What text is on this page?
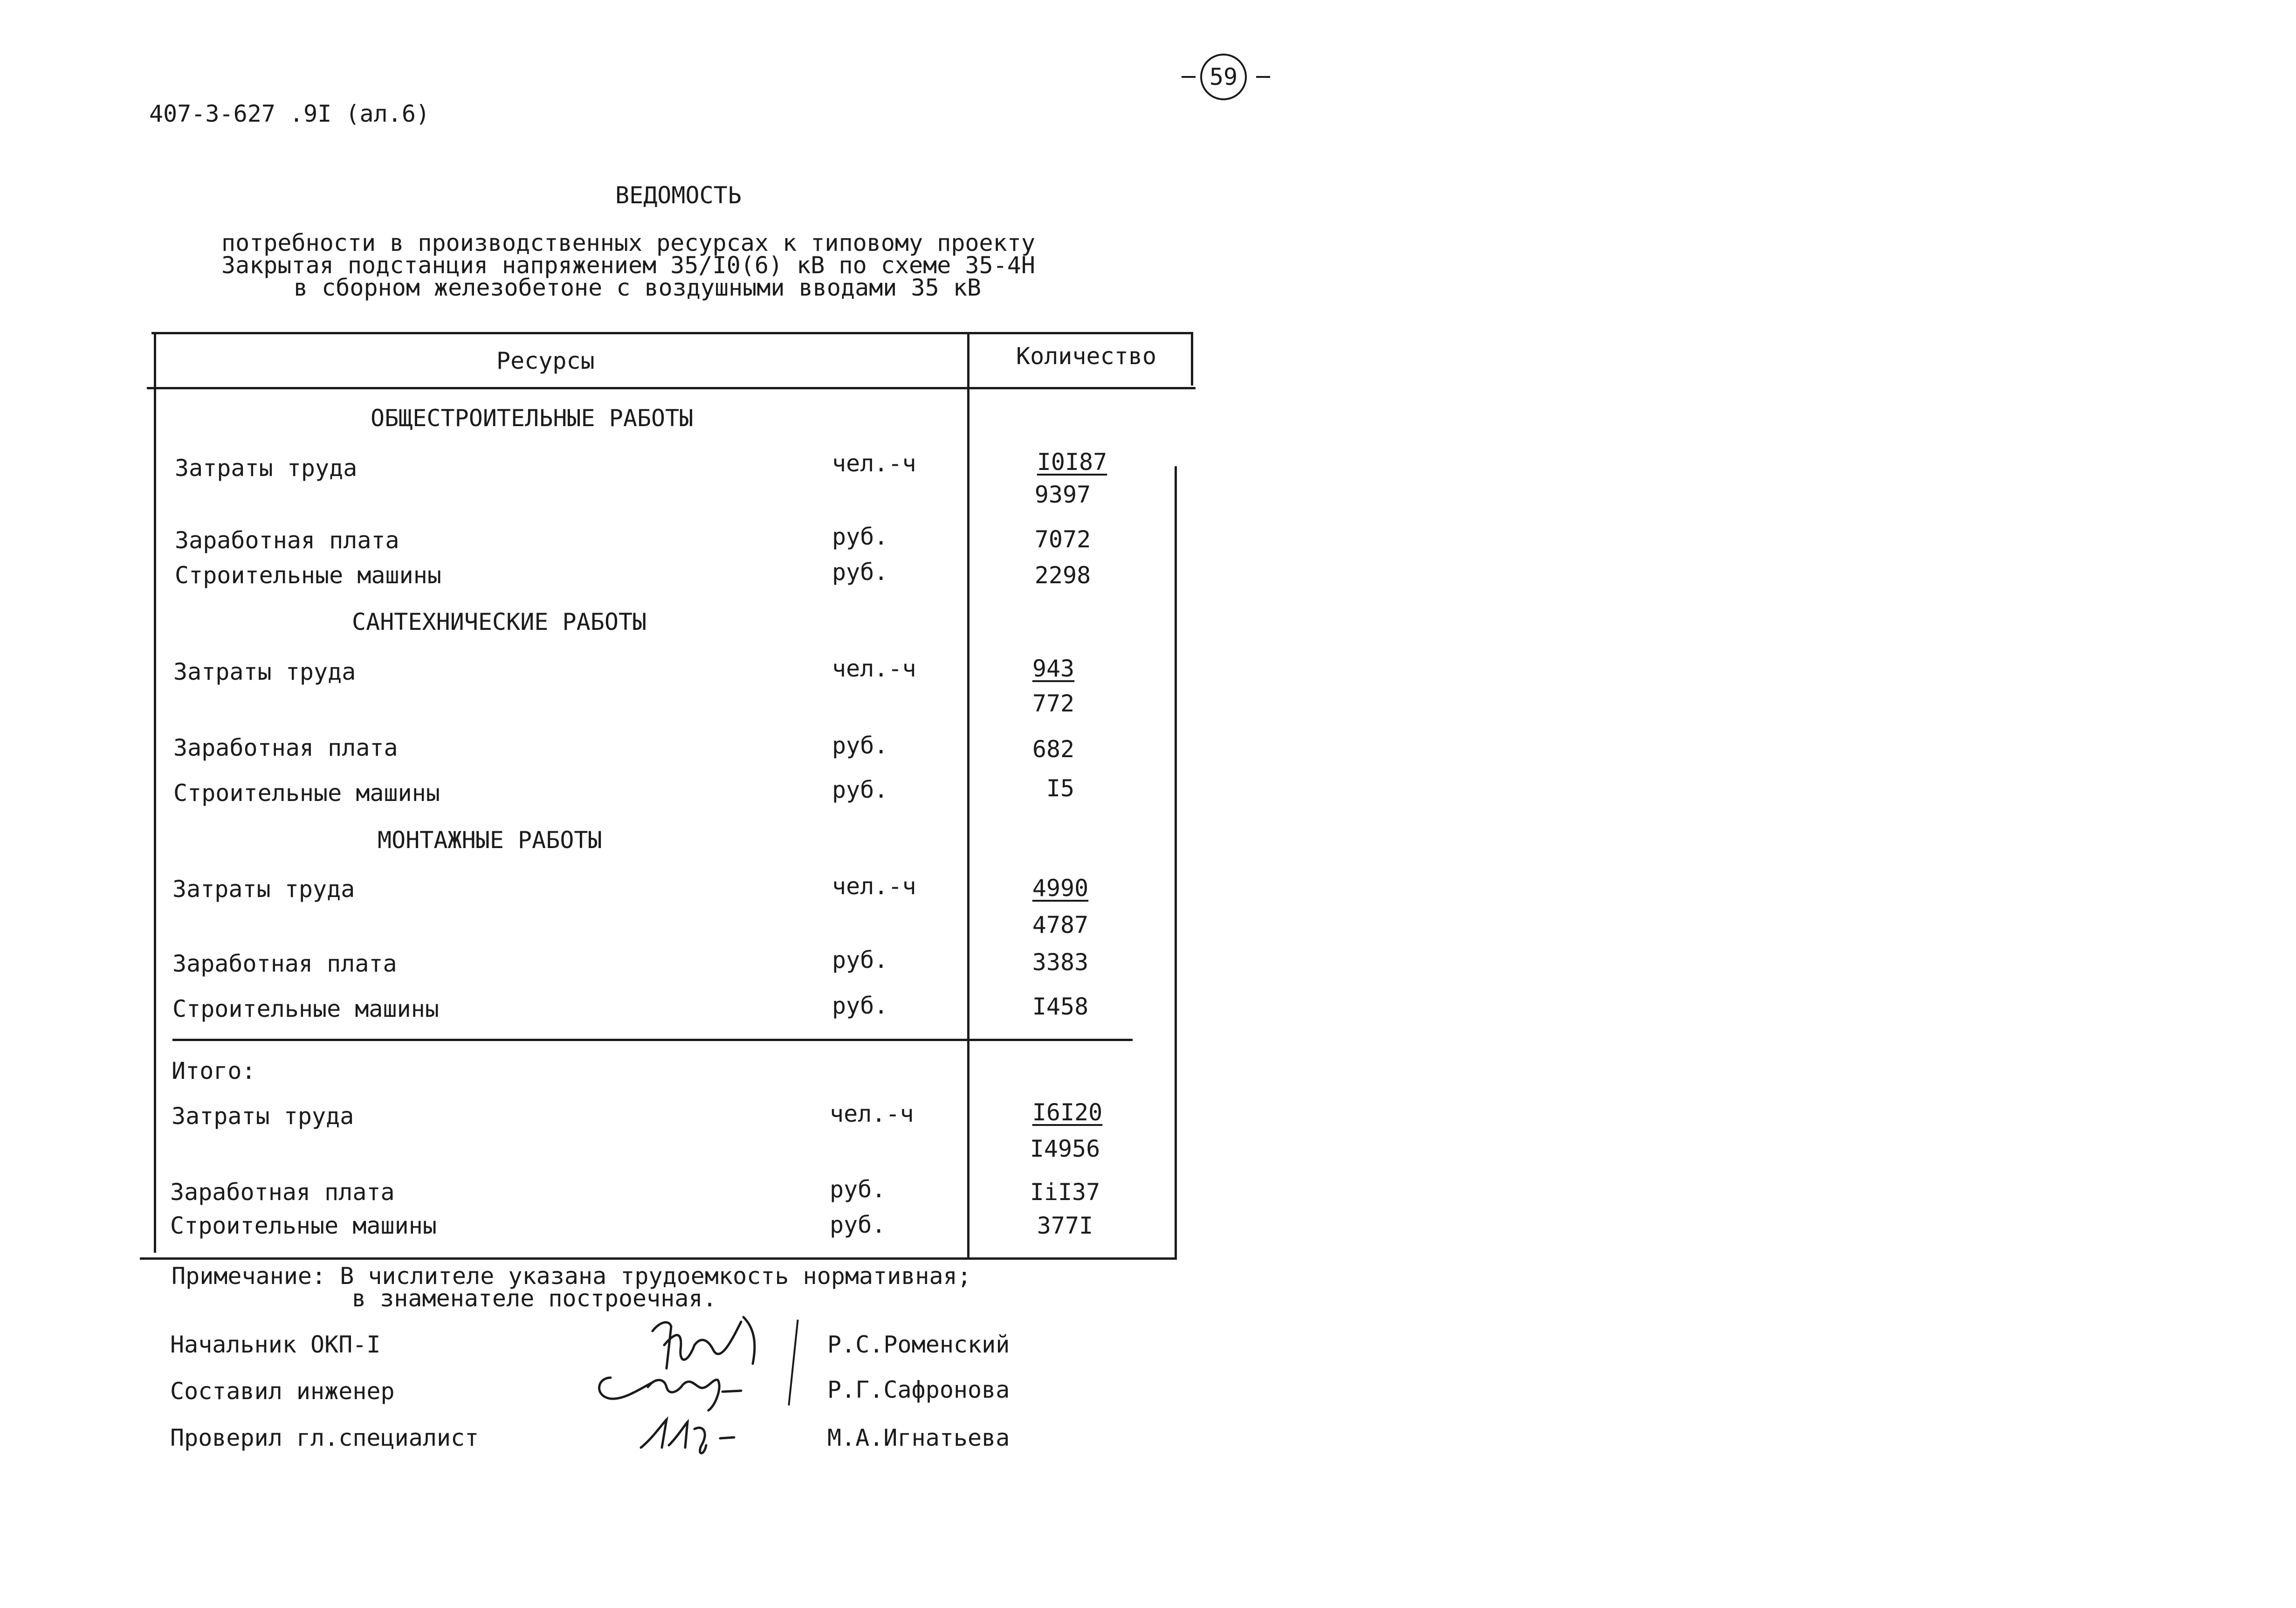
407-3-627 .9I (ал.6)
59
ВЕДОМОСТЬ
потребности в производственных ресурсах к типовому проекту
Закрытая подстанция напряжением 35/I0(6) кВ по схеме 35-4Н
в сборном железобетоне с воздушными вводами 35 кВ
Ресурсы	Количество
ОБЩЕСТРОИТЕЛЬНЫЕ РАБОТЫ
Затраты труда	чел.-ч	I0I87
9397
Заработная плата	руб.	7072
Строительные машины	руб.	2298
САНТЕХНИЧЕСКИЕ РАБОТЫ
Затраты труда	чел.-ч	943
772
Заработная плата	руб.	682
Строительные машины	руб.	I5
МОНТАЖНЫЕ РАБОТЫ
Затраты труда	чел.-ч	4990
4787
Заработная плата	руб.	3383
Строительные машины	руб.	I458
Итого:
Затраты труда	чел.-ч	I6I20
I4956
Заработная плата	руб.	IiI37
Строительные машины	руб.	377I
Примечание: В числителе указана трудоемкость нормативная;
в знаменателе построечная.
Начальник ОКП-I	Р.С.Роменский
Составил инженер	Р.Г.Сафронова
Проверил гл.специалист	М.А.Игнатьева
